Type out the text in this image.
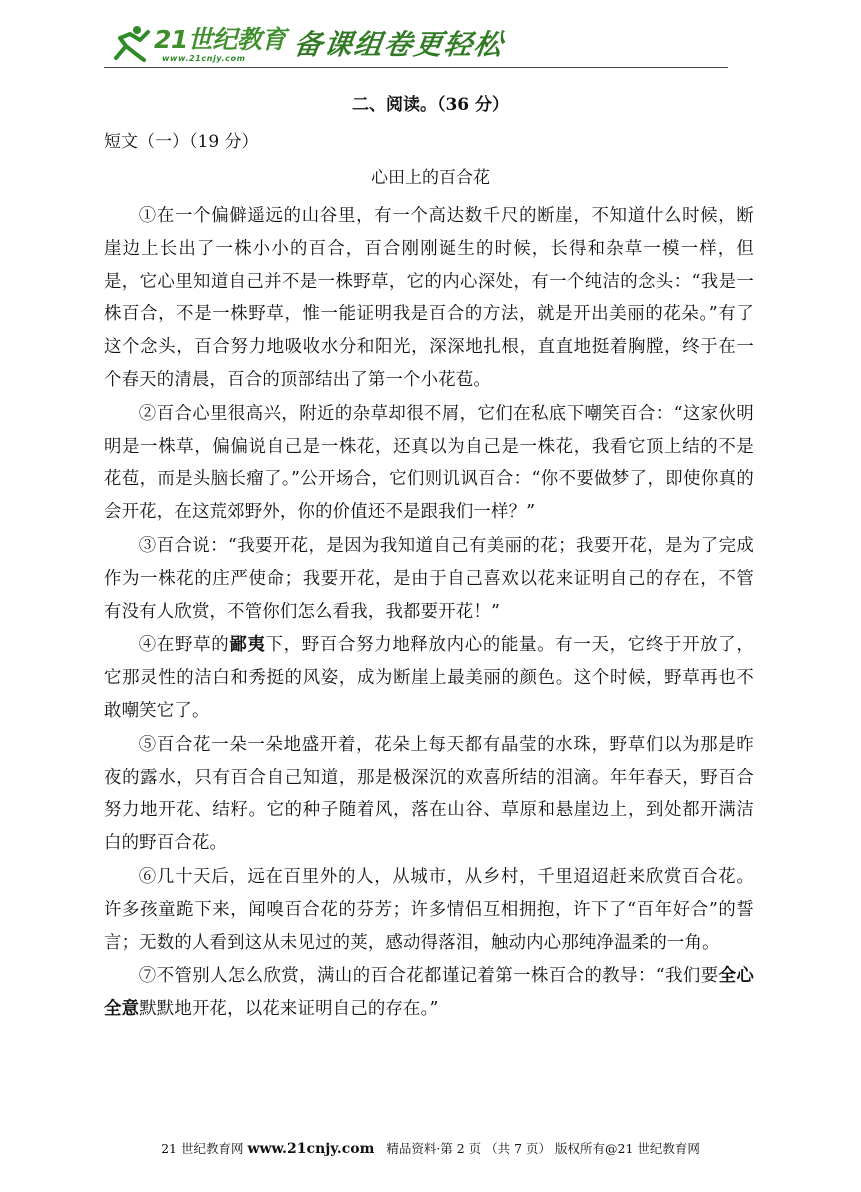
21世纪教育
www.21cnjy.com 备课组卷更轻松
二、阅读。（36 分）
短文（一）（19 分）
心田上的百合花

①在一个偏僻遥远的山谷里，有一个高达数千尺的断崖，不知道什么时候，断崖边上长出了一株小小的百合，百合刚刚诞生的时候，长得和杂草一模一样，但是，它心里知道自己并不是一株野草，它的内心深处，有一个纯洁的念头：“我是一株百合，不是一株野草，惟一能证明我是百合的方法，就是开出美丽的花朵。”有了这个念头，百合努力地吸收水分和阳光，深深地扎根，直直地挺着胸膛，终于在一个春天的清晨，百合的顶部结出了第一个小花苞。

②百合心里很高兴，附近的杂草却很不屑，它们在私底下嘲笑百合：“这家伙明明是一株草，偏偏说自己是一株花，还真以为自己是一株花，我看它顶上结的不是花苞，而是头脑长瘤了。”公开场合，它们则讥讽百合：“你不要做梦了，即使你真的会开花，在这荒郊野外，你的价值还不是跟我们一样？”

③百合说：“我要开花，是因为我知道自己有美丽的花；我要开花，是为了完成作为一株花的庄严使命；我要开花，是由于自己喜欢以花来证明自己的存在，不管有没有人欣赏，不管你们怎么看我，我都要开花！”

④在野草的鄙夷下，野百合努力地释放内心的能量。有一天，它终于开放了，它那灵性的洁白和秀挺的风姿，成为断崖上最美丽的颜色。这个时候，野草再也不敢嘲笑它了。

⑤百合花一朵一朵地盛开着，花朵上每天都有晶莹的水珠，野草们以为那是昨夜的露水，只有百合自己知道，那是极深沉的欢喜所结的泪滴。年年春天，野百合努力地开花、结籽。它的种子随着风，落在山谷、草原和悬崖边上，到处都开满洁白的野百合花。

⑥几十天后，远在百里外的人，从城市，从乡村，千里迢迢赶来欣赏百合花。许多孩童跪下来，闻嗅百合花的芬芳；许多情侣互相拥抱，许下了“百年好合”的誓言；无数的人看到这从未见过的荚，感动得落泪，触动内心那纯净温柔的一角。

⑦不管别人怎么欣赏，满山的百合花都谨记着第一株百合的教导：“我们要全心全意默默地开花，以花来证明自己的存在。”

21 世纪教育网 www.21cnjy.com 精品资料·第 2 页 （共 7 页） 版权所有@21 世纪教育网
